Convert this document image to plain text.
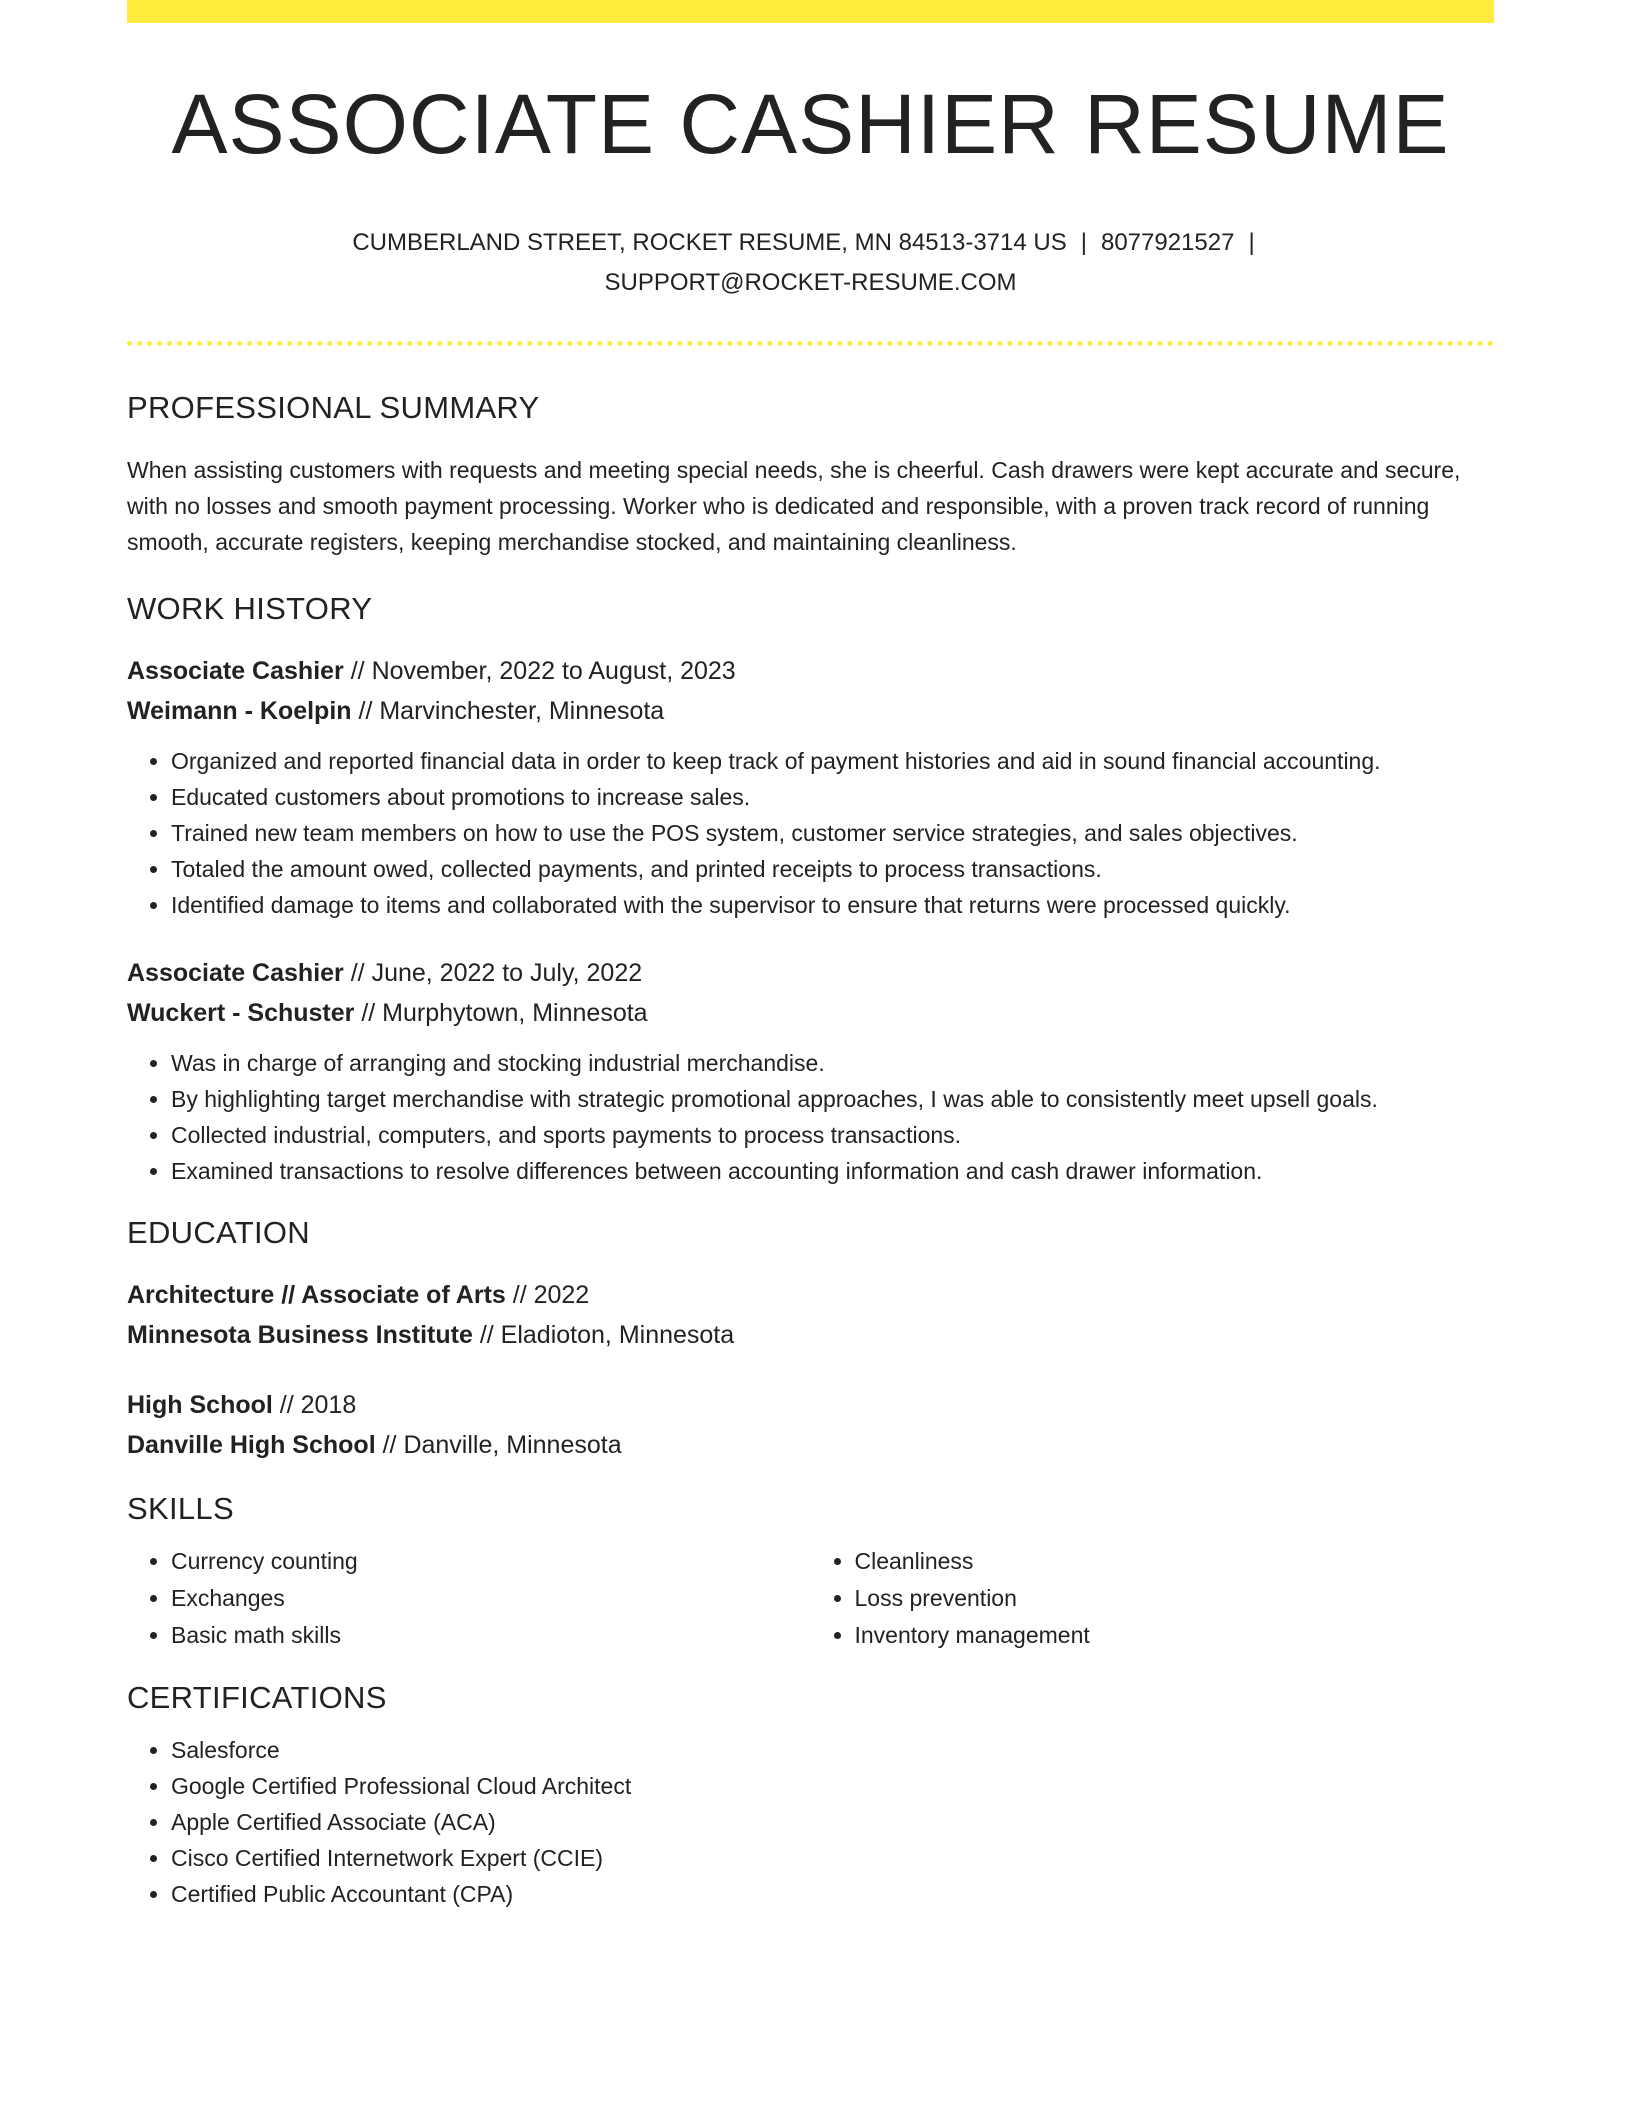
ASSOCIATE CASHIER RESUME
CUMBERLAND STREET, ROCKET RESUME, MN 84513-3714 US | 8077921527 |
SUPPORT@ROCKET-RESUME.COM
PROFESSIONAL SUMMARY

When assisting customers with requests and meeting special needs, she is cheerful. Cash drawers were kept accurate and secure, with no losses and smooth payment processing. Worker who is dedicated and responsible, with a proven track record of running smooth, accurate registers, keeping merchandise stocked, and maintaining cleanliness.

WORK HISTORY

Associate Cashier // November, 2022 to August, 2023

Weimann - Koelpin // Marvinchester, Minnesota

• Organized and reported financial data in order to keep track of payment histories and aid in sound financial accounting.
• Educated customers about promotions to increase sales.
• Trained new team members on how to use the POS system, customer service strategies, and sales objectives.
• Totaled the amount owed, collected payments, and printed receipts to process transactions.
• Identified damage to items and collaborated with the supervisor to ensure that returns were processed quickly.

Associate Cashier // June, 2022 to July, 2022

Wuckert - Schuster // Murphytown, Minnesota

• Was in charge of arranging and stocking industrial merchandise.
• By highlighting target merchandise with strategic promotional approaches, I was able to consistently meet upsell goals.
• Collected industrial, computers, and sports payments to process transactions.
• Examined transactions to resolve differences between accounting information and cash drawer information.
EDUCATION

Architecture // Associate of Arts // 2022

Minnesota Business Institute // Eladioton, Minnesota

High School // 2018

Danville High School // Danville, Minnesota

SKILLS
• Currency counting
• Exchanges
• Basic math skills
• Cleanliness
• Loss prevention
• Inventory management
CERTIFICATIONS
• Salesforce
• Google Certified Professional Cloud Architect
• Apple Certified Associate (ACA)
• Cisco Certified Internetwork Expert (CCIE)
• Certified Public Accountant (CPA)
